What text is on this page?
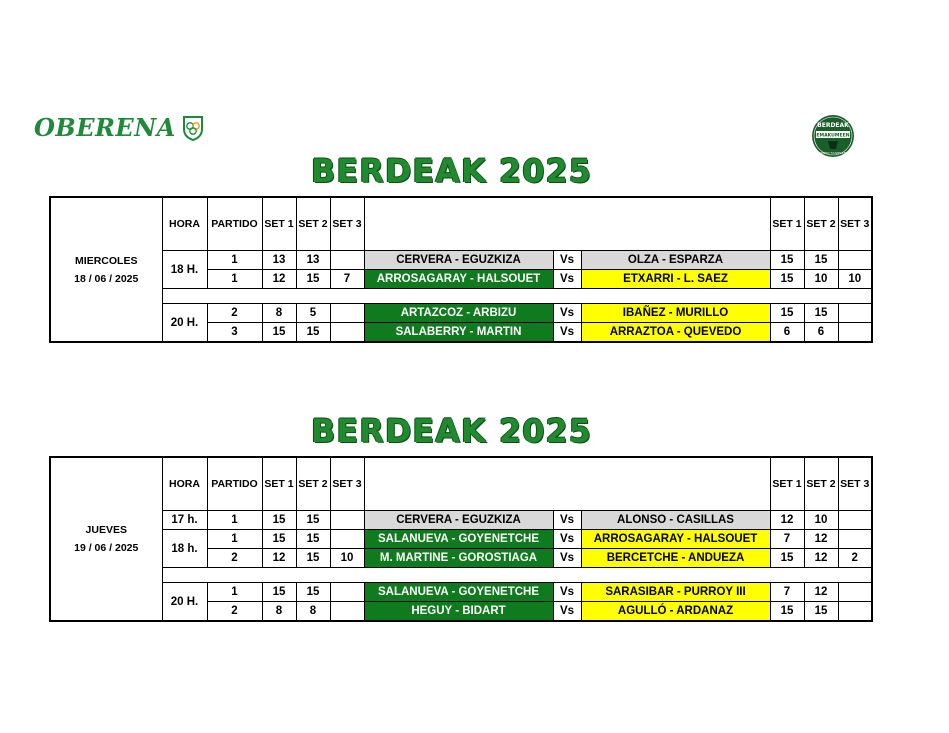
OBERENA	BERDEAK
EMAKUMEEN
TORNEO TXAPELKETA
BERDEAK 2025
BERDEAK 2025
MIERCOLES
18 / 06 / 2025	HORA	PARTIDO	SET 1	SET 2	SET 3				SET 1	SET 2	SET 3
	18 H.	1	13	13		CERVERA - EGUZKIZA	Vs	OLZA - ESPARZA	15	15	
		1	12	15	7	ARROSAGARAY - HALSOUET	Vs	ETXARRI - L. SAEZ	15	10	10

	20 H.	2	8	5		ARTAZCOZ - ARBIZU	Vs	IBAÑEZ - MURILLO	15	15	
		3	15	15		SALABERRY - MARTIN	Vs	ARRAZTOA - QUEVEDO	6	6	
JUEVES
19 / 06 / 2025	HORA	PARTIDO	SET 1	SET 2	SET 3				SET 1	SET 2	SET 3
	17 h.	1	15	15		CERVERA - EGUZKIZA	Vs	ALONSO - CASILLAS	12	10	
	18 h.	1	15	15		SALANUEVA - GOYENETCHE	Vs	ARROSAGARAY - HALSOUET	7	12	
		2	12	15	10	M. MARTINE - GOROSTIAGA	Vs	BERCETCHE - ANDUEZA	15	12	2

	20 H.	1	15	15		SALANUEVA - GOYENETCHE	Vs	SARASIBAR - PURROY III	7	12	
		2	8	8		HEGUY - BIDART	Vs	AGULLÓ - ARDANAZ	15	15	
